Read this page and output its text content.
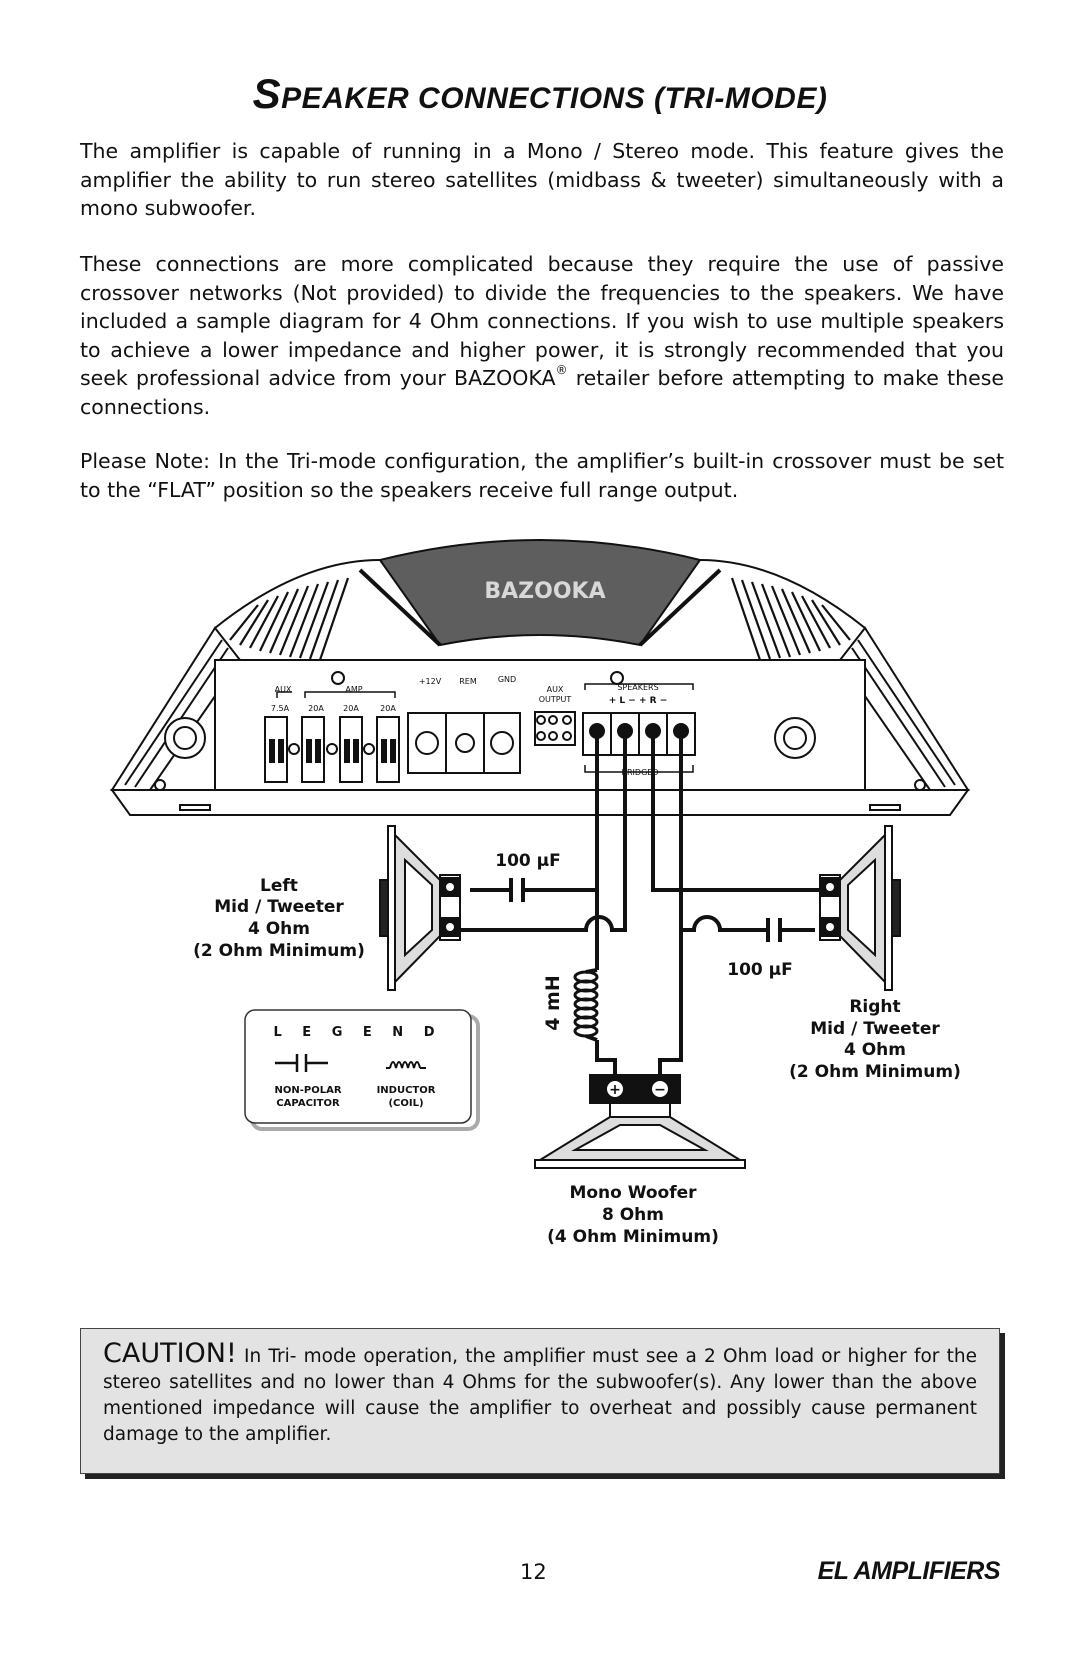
SPEAKER CONNECTIONS (TRI-MODE)

The amplifier is capable of running in a Mono / Stereo mode. This feature gives the amplifier the ability to run stereo satellites (midbass & tweeter) simultaneously with a mono subwoofer.

These connections are more complicated because they require the use of passive crossover networks (Not provided) to divide the frequencies to the speakers. We have included a sample diagram for 4 Ohm connections. If you wish to use multiple speakers to achieve a lower impedance and higher power, it is strongly recommended that you seek professional advice from your BAZOOKA® retailer before attempting to make these connections.

Please Note: In the Tri-mode configuration, the amplifier’s built-in crossover must be set to the “FLAT” position so the speakers receive full range output.

BAZOOKA
AUX	AMP
7.5A 20A 20A	20A
+12V REM	GND
AUX
OUTPUT
SPEAKERS
+ L − + R −
BRIDGED
+ −
L E G E N D
NON-POLAR
CAPACITOR
INDUCTOR
(COIL)
100 μF
100 μF
4 mH
Left
Mid / Tweeter
4 Ohm
(2 Ohm Minimum)
Right
Mid / Tweeter
4 Ohm
(2 Ohm Minimum)
Mono Woofer
8 Ohm
(4 Ohm Minimum)
CAUTION! In Tri- mode operation, the amplifier must see a 2 Ohm load or higher for the stereo satellites and no lower than 4 Ohms for the subwoofer(s). Any lower than the above mentioned impedance will cause the amplifier to overheat and possibly cause permanent damage to the amplifier.
12	EL AMPLIFIERS
